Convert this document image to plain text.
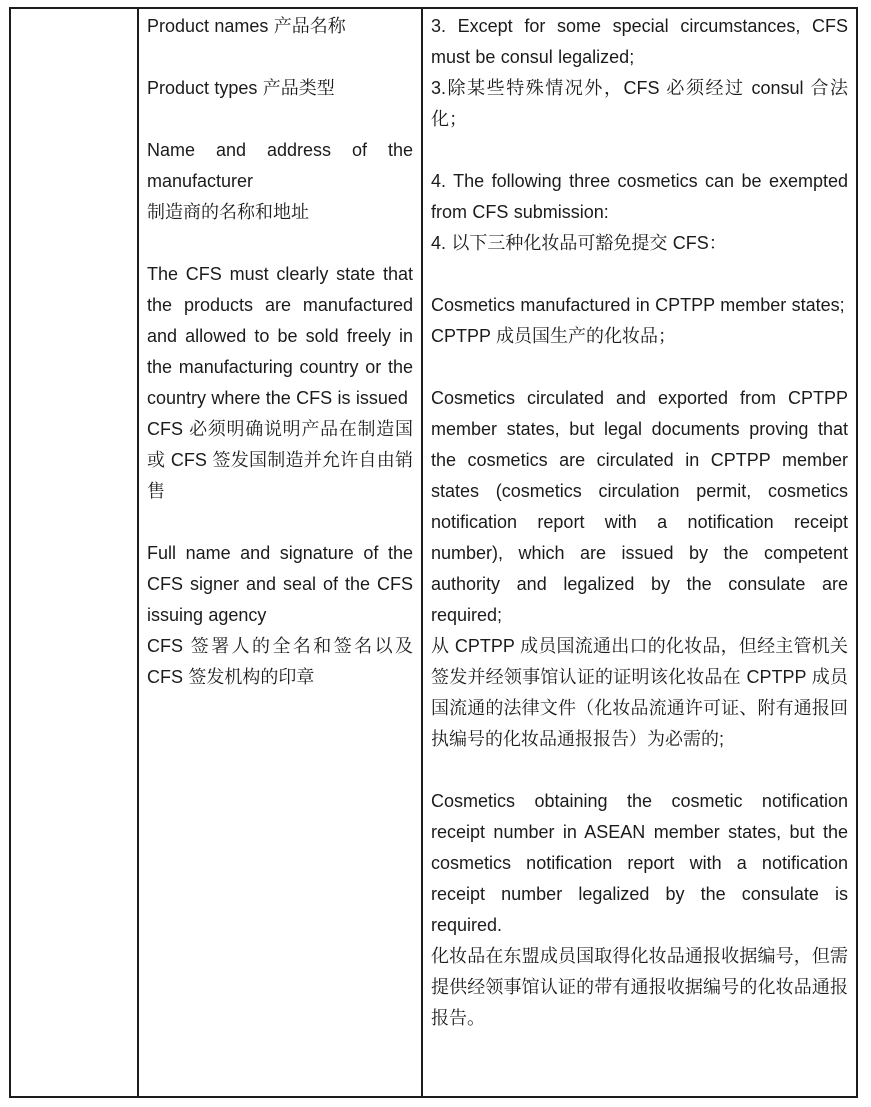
Product names 产品名称
Product types 产品类型
Name and address of the manufacturer
制造商的名称和地址
The CFS must clearly state that the products are manufactured and allowed to be sold freely in the manufacturing country or the country where the CFS is issued
CFS 必须明确说明产品在制造国或 CFS 签发国制造并允许自由销售
Full name and signature of the CFS signer and seal of the CFS issuing agency
CFS 签署人的全名和签名以及 CFS 签发机构的印章
3. Except for some special circumstances, CFS must be consul legalized;
3.除某些特殊情况外，CFS 必须经过 consul 合法化；
4. The following three cosmetics can be exempted from CFS submission:
4. 以下三种化妆品可豁免提交 CFS：
Cosmetics manufactured in CPTPP member states;
CPTPP 成员国生产的化妆品；
Cosmetics circulated and exported from CPTPP member states, but legal documents proving that the cosmetics are circulated in CPTPP member states (cosmetics circulation permit, cosmetics notification report with a notification receipt number), which are issued by the competent authority and legalized by the consulate are required;
从 CPTPP 成员国流通出口的化妆品，但经主管机关签发并经领事馆认证的证明该化妆品在 CPTPP 成员国流通的法律文件（化妆品流通许可证、附有通报回执编号的化妆品通报报告）为必需的;
Cosmetics obtaining the cosmetic notification receipt number in ASEAN member states, but the cosmetics notification report with a notification receipt number legalized by the consulate is required.
化妆品在东盟成员国取得化妆品通报收据编号，但需提供经领事馆认证的带有通报收据编号的化妆品通报报告。
